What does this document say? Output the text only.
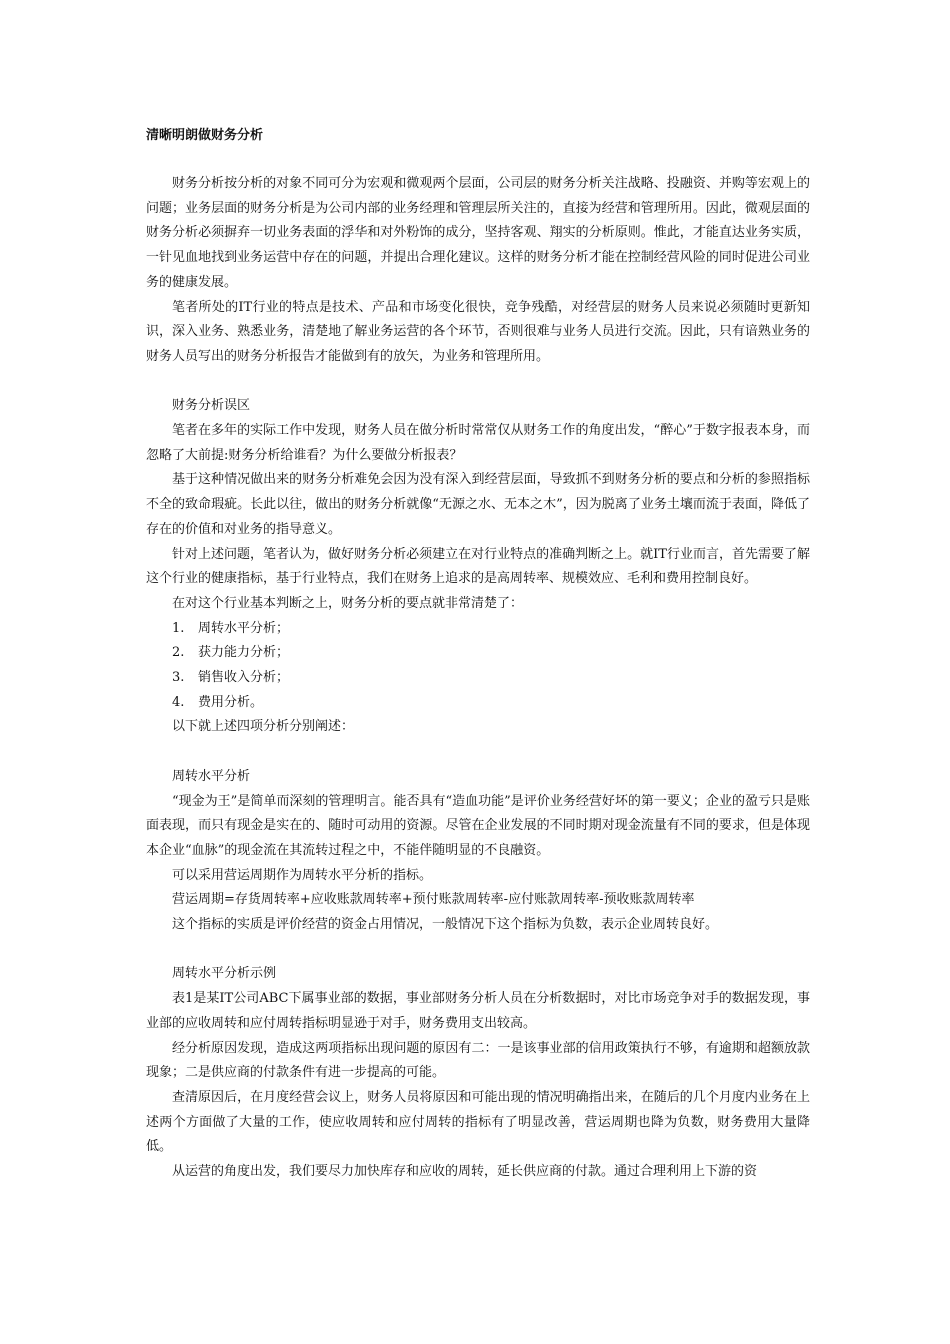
清晰明朗做财务分析

财务分析按分析的对象不同可分为宏观和微观两个层面，公司层的财务分析关注战略、投融资、并购等宏观上的问题；业务层面的财务分析是为公司内部的业务经理和管理层所关注的，直接为经营和管理所用。因此，微观层面的财务分析必须摒弃一切业务表面的浮华和对外粉饰的成分，坚持客观、翔实的分析原则。惟此，才能直达业务实质，一针见血地找到业务运营中存在的问题，并提出合理化建议。这样的财务分析才能在控制经营风险的同时促进公司业务的健康发展。

笔者所处的IT行业的特点是技术、产品和市场变化很快，竞争残酷，对经营层的财务人员来说必须随时更新知识，深入业务、熟悉业务，清楚地了解业务运营的各个环节，否则很难与业务人员进行交流。因此，只有谙熟业务的财务人员写出的财务分析报告才能做到有的放矢，为业务和管理所用。

财务分析误区

笔者在多年的实际工作中发现，财务人员在做分析时常常仅从财务工作的角度出发，“醉心”于数字报表本身，而忽略了大前提:财务分析给谁看？为什么要做分析报表？

基于这种情况做出来的财务分析难免会因为没有深入到经营层面，导致抓不到财务分析的要点和分析的参照指标不全的致命瑕疵。长此以往，做出的财务分析就像“无源之水、无本之木”，因为脱离了业务土壤而流于表面，降低了存在的价值和对业务的指导意义。

针对上述问题，笔者认为，做好财务分析必须建立在对行业特点的准确判断之上。就IT行业而言，首先需要了解这个行业的健康指标，基于行业特点，我们在财务上追求的是高周转率、规模效应、毛利和费用控制良好。

在对这个行业基本判断之上，财务分析的要点就非常清楚了：

1. 周转水平分析；

2. 获力能力分析；

3. 销售收入分析；

4. 费用分析。

以下就上述四项分析分别阐述：

周转水平分析

“现金为王”是简单而深刻的管理明言。能否具有“造血功能”是评价业务经营好坏的第一要义；企业的盈亏只是账面表现，而只有现金是实在的、随时可动用的资源。尽管在企业发展的不同时期对现金流量有不同的要求，但是体现本企业“血脉”的现金流在其流转过程之中，不能伴随明显的不良融资。

可以采用营运周期作为周转水平分析的指标。

营运周期=存货周转率+应收账款周转率+预付账款周转率-应付账款周转率-预收账款周转率

这个指标的实质是评价经营的资金占用情况，一般情况下这个指标为负数，表示企业周转良好。

周转水平分析示例

表1是某IT公司ABC下属事业部的数据，事业部财务分析人员在分析数据时，对比市场竞争对手的数据发现，事业部的应收周转和应付周转指标明显逊于对手，财务费用支出较高。

经分析原因发现，造成这两项指标出现问题的原因有二：一是该事业部的信用政策执行不够，有逾期和超额放款现象；二是供应商的付款条件有进一步提高的可能。

查清原因后，在月度经营会议上，财务人员将原因和可能出现的情况明确指出来，在随后的几个月度内业务在上述两个方面做了大量的工作，使应收周转和应付周转的指标有了明显改善，营运周期也降为负数，财务费用大量降低。

从运营的角度出发，我们要尽力加快库存和应收的周转，延长供应商的付款。通过合理利用上下游的资
